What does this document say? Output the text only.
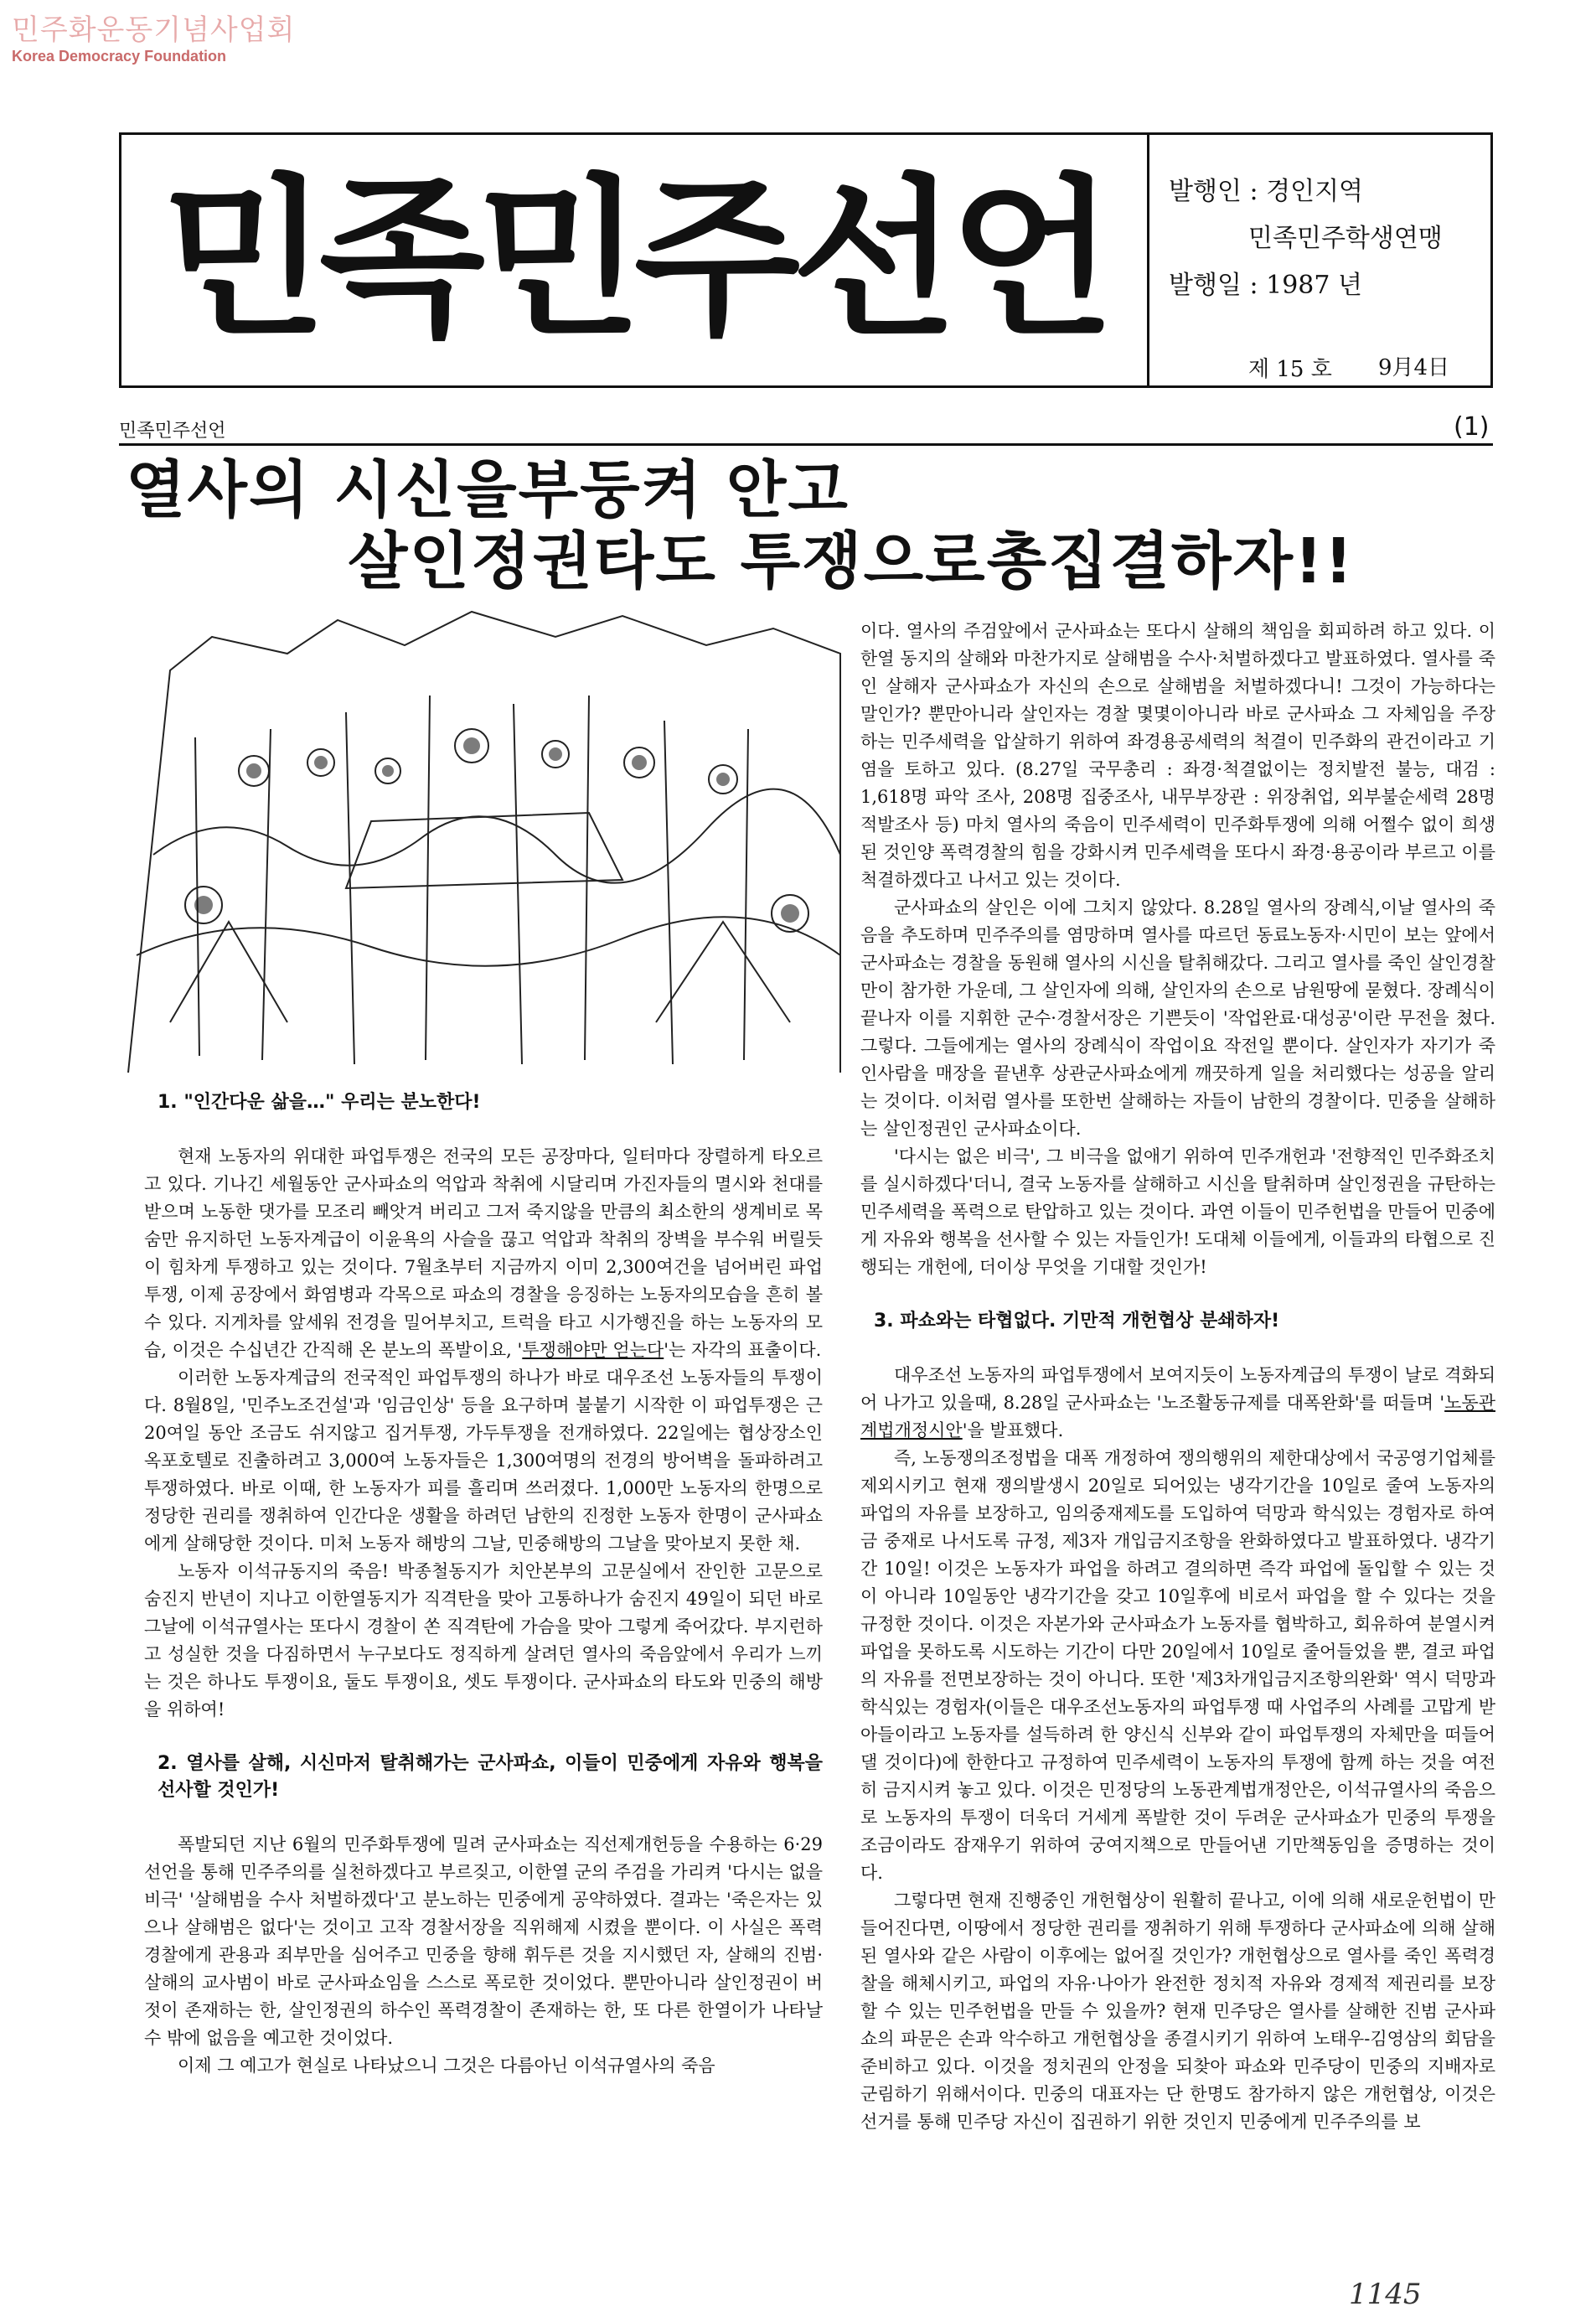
민주화운동기념사업회
Korea Democracy Foundation
민족민주선언	발행인 : 경인지역
민족민주학생연맹
발행일 : 1987 년
제 15 호	9月4日
민족민주선언	(1)
열사의 시신을부둥켜 안고
살인정권타도 투쟁으로총집결하자!!
1. "인간다운 삶을…" 우리는 분노한다!

현재 노동자의 위대한 파업투쟁은 전국의 모든 공장마다, 일터마다 장렬하게 타오르고 있다. 기나긴 세월동안 군사파쇼의 억압과 착취에 시달리며 가진자들의 멸시와 천대를 받으며 노동한 댓가를 모조리 빼앗겨 버리고 그저 죽지않을 만큼의 최소한의 생계비로 목숨만 유지하던 노동자계급이 이윤욕의 사슬을 끊고 억압과 착취의 장벽을 부수워 버릴듯이 힘차게 투쟁하고 있는 것이다. 7월초부터 지금까지 이미 2,300여건을 넘어버린 파업투쟁, 이제 공장에서 화염병과 각목으로 파쇼의 경찰을 응징하는 노동자의모습을 흔히 볼 수 있다. 지게차를 앞세워 전경을 밀어부치고, 트럭을 타고 시가행진을 하는 노동자의 모습, 이것은 수십년간 간직해 온 분노의 폭발이요, '투쟁해야만 얻는다'는 자각의 표출이다.

이러한 노동자계급의 전국적인 파업투쟁의 하나가 바로 대우조선 노동자들의 투쟁이다. 8월8일, '민주노조건설'과 '임금인상' 등을 요구하며 불붙기 시작한 이 파업투쟁은 근 20여일 동안 조금도 쉬지않고 집거투쟁, 가두투쟁을 전개하였다. 22일에는 협상장소인 옥포호텔로 진출하려고 3,000여 노동자들은 1,300여명의 전경의 방어벽을 돌파하려고 투쟁하였다. 바로 이때, 한 노동자가 피를 흘리며 쓰러졌다. 1,000만 노동자의 한명으로 정당한 권리를 쟁취하여 인간다운 생활을 하려던 남한의 진정한 노동자 한명이 군사파쇼에게 살해당한 것이다. 미처 노동자 해방의 그날, 민중해방의 그날을 맞아보지 못한 채.

노동자 이석규동지의 죽음! 박종철동지가 치안본부의 고문실에서 잔인한 고문으로 숨진지 반년이 지나고 이한열동지가 직격탄을 맞아 고통하나가 숨진지 49일이 되던 바로 그날에 이석규열사는 또다시 경찰이 쏜 직격탄에 가슴을 맞아 그렇게 죽어갔다. 부지런하고 성실한 것을 다짐하면서 누구보다도 정직하게 살려던 열사의 죽음앞에서 우리가 느끼는 것은 하나도 투쟁이요, 둘도 투쟁이요, 셋도 투쟁이다. 군사파쇼의 타도와 민중의 해방을 위하여!

2. 열사를 살해, 시신마저 탈취해가는 군사파쇼, 이들이 민중에게 자유와 행복을 선사할 것인가!

폭발되던 지난 6월의 민주화투쟁에 밀려 군사파쇼는 직선제개헌등을 수용하는 6·29선언을 통해 민주주의를 실천하겠다고 부르짖고, 이한열 군의 주검을 가리켜 '다시는 없을 비극' '살해범을 수사 처벌하겠다'고 분노하는 민중에게 공약하였다. 결과는 '죽은자는 있으나 살해범은 없다'는 것이고 고작 경찰서장을 직위해제 시켰을 뿐이다. 이 사실은 폭력 경찰에게 관용과 죄부만을 심어주고 민중을 향해 휘두른 것을 지시했던 자, 살해의 진범·살해의 교사범이 바로 군사파쇼임을 스스로 폭로한 것이었다. 뿐만아니라 살인정권이 버젓이 존재하는 한, 살인정권의 하수인 폭력경찰이 존재하는 한, 또 다른 한열이가 나타날 수 밖에 없음을 예고한 것이었다.

이제 그 예고가 현실로 나타났으니 그것은 다름아닌 이석규열사의 죽음

이다. 열사의 주검앞에서 군사파쇼는 또다시 살해의 책임을 회피하려 하고 있다. 이한열 동지의 살해와 마찬가지로 살해범을 수사·처벌하겠다고 발표하였다. 열사를 죽인 살해자 군사파쇼가 자신의 손으로 살해범을 처벌하겠다니! 그것이 가능하다는 말인가? 뿐만아니라 살인자는 경찰 몇몇이아니라 바로 군사파쇼 그 자체임을 주장하는 민주세력을 압살하기 위하여 좌경용공세력의 척결이 민주화의 관건이라고 기염을 토하고 있다. (8.27일 국무총리 : 좌경·척결없이는 정치발전 불능, 대검 : 1,618명 파악 조사, 208명 집중조사, 내무부장관 : 위장취업, 외부불순세력 28명 적발조사 등) 마치 열사의 죽음이 민주세력이 민주화투쟁에 의해 어쩔수 없이 희생된 것인양 폭력경찰의 힘을 강화시켜 민주세력을 또다시 좌경·용공이라 부르고 이를 척결하겠다고 나서고 있는 것이다.

군사파쇼의 살인은 이에 그치지 않았다. 8.28일 열사의 장례식,이날 열사의 죽음을 추도하며 민주주의를 염망하며 열사를 따르던 동료노동자·시민이 보는 앞에서 군사파쇼는 경찰을 동원해 열사의 시신을 탈취해갔다. 그리고 열사를 죽인 살인경찰만이 참가한 가운데, 그 살인자에 의해, 살인자의 손으로 남원땅에 묻혔다. 장례식이 끝나자 이를 지휘한 군수·경찰서장은 기쁜듯이 '작업완료·대성공'이란 무전을 쳤다. 그렇다. 그들에게는 열사의 장례식이 작업이요 작전일 뿐이다. 살인자가 자기가 죽인사람을 매장을 끝낸후 상관군사파쇼에게 깨끗하게 일을 처리했다는 성공을 알리는 것이다. 이처럼 열사를 또한번 살해하는 자들이 남한의 경찰이다. 민중을 살해하는 살인정권인 군사파쇼이다.

'다시는 없은 비극', 그 비극을 없애기 위하여 민주개헌과 '전향적인 민주화조치를 실시하겠다'더니, 결국 노동자를 살해하고 시신을 탈취하며 살인정권을 규탄하는 민주세력을 폭력으로 탄압하고 있는 것이다. 과연 이들이 민주헌법을 만들어 민중에게 자유와 행복을 선사할 수 있는 자들인가! 도대체 이들에게, 이들과의 타협으로 진행되는 개헌에, 더이상 무엇을 기대할 것인가!

3. 파쇼와는 타협없다. 기만적 개헌협상 분쇄하자!

대우조선 노동자의 파업투쟁에서 보여지듯이 노동자계급의 투쟁이 날로 격화되어 나가고 있을때, 8.28일 군사파쇼는 '노조활동규제를 대폭완화'를 떠들며 '노동관계법개정시안'을 발표했다.

즉, 노동쟁의조정법을 대폭 개정하여 쟁의행위의 제한대상에서 국공영기업체를 제외시키고 현재 쟁의발생시 20일로 되어있는 냉각기간을 10일로 줄여 노동자의 파업의 자유를 보장하고, 임의중재제도를 도입하여 덕망과 학식있는 경험자로 하여금 중재로 나서도록 규정, 제3자 개입금지조항을 완화하였다고 발표하였다. 냉각기간 10일! 이것은 노동자가 파업을 하려고 결의하면 즉각 파업에 돌입할 수 있는 것이 아니라 10일동안 냉각기간을 갖고 10일후에 비로서 파업을 할 수 있다는 것을 규정한 것이다. 이것은 자본가와 군사파쇼가 노동자를 협박하고, 회유하여 분열시켜 파업을 못하도록 시도하는 기간이 다만 20일에서 10일로 줄어들었을 뿐, 결코 파업의 자유를 전면보장하는 것이 아니다. 또한 '제3차개입금지조항의완화' 역시 덕망과 학식있는 경험자(이들은 대우조선노동자의 파업투쟁 때 사업주의 사례를 고맙게 받아들이라고 노동자를 설득하려 한 양신식 신부와 같이 파업투쟁의 자체만을 떠들어 댈 것이다)에 한한다고 규정하여 민주세력이 노동자의 투쟁에 함께 하는 것을 여전히 금지시켜 놓고 있다. 이것은 민정당의 노동관계법개정안은, 이석규열사의 죽음으로 노동자의 투쟁이 더욱더 거세게 폭발한 것이 두려운 군사파쇼가 민중의 투쟁을 조금이라도 잠재우기 위하여 궁여지책으로 만들어낸 기만책동임을 증명하는 것이다.

그렇다면 현재 진행중인 개헌협상이 원활히 끝나고, 이에 의해 새로운헌법이 만들어진다면, 이땅에서 정당한 권리를 쟁취하기 위해 투쟁하다 군사파쇼에 의해 살해된 열사와 같은 사람이 이후에는 없어질 것인가? 개헌협상으로 열사를 죽인 폭력경찰을 해체시키고, 파업의 자유·나아가 완전한 정치적 자유와 경제적 제권리를 보장할 수 있는 민주헌법을 만들 수 있을까? 현재 민주당은 열사를 살해한 진범 군사파쇼의 파문은 손과 악수하고 개헌협상을 종결시키기 위하여 노태우-김영삼의 회담을 준비하고 있다. 이것을 정치권의 안정을 되찾아 파쇼와 민주당이 민중의 지배자로 군림하기 위해서이다. 민중의 대표자는 단 한명도 참가하지 않은 개헌협상, 이것은 선거를 통해 민주당 자신이 집권하기 위한 것인지 민중에게 민주주의를 보

1145
